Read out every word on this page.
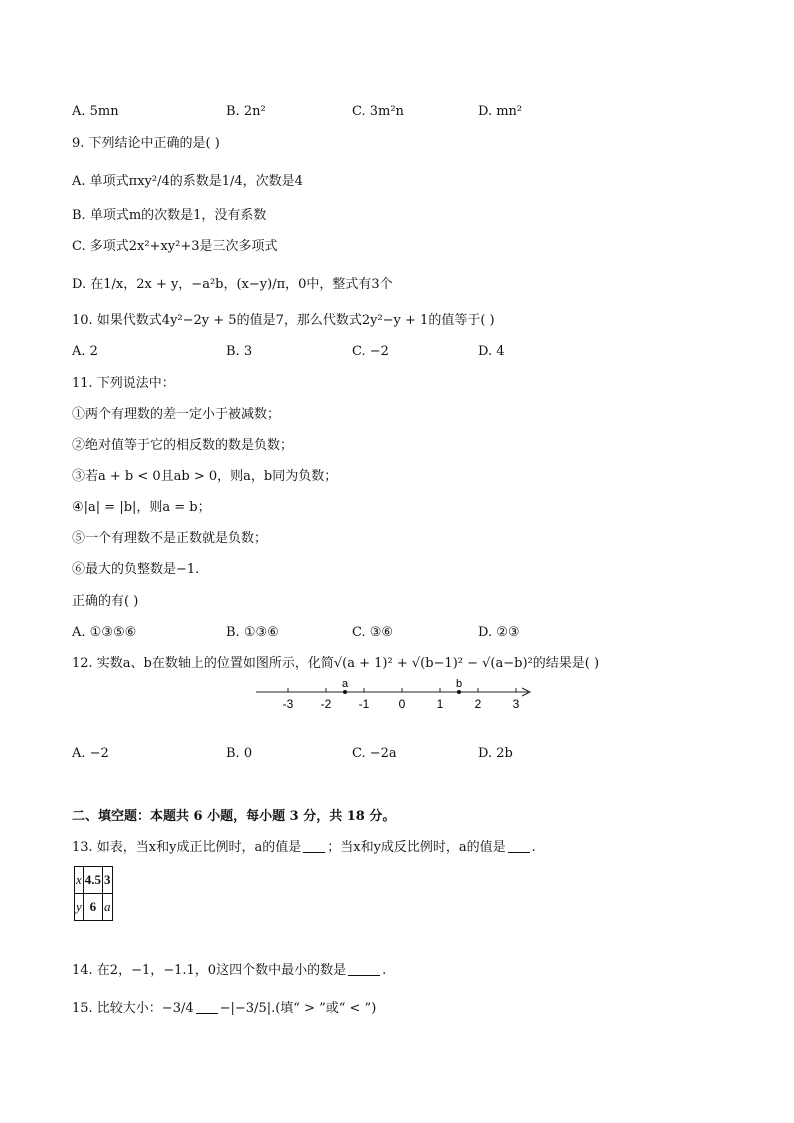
A. 5mn	B. 2n²	C. 3m²n	D. mn²
9. 下列结论中正确的是( )
A. 单项式πxy²/4的系数是1/4，次数是4
B. 单项式m的次数是1，没有系数
C. 多项式2x²+xy²+3是三次多项式
D. 在1/x，2x + y，−a²b，(x−y)/π，0中，整式有3个
10. 如果代数式4y²−2y + 5的值是7，那么代数式2y²−y + 1的值等于( )
A. 2	B. 3	C. −2	D. 4
11. 下列说法中：
①两个有理数的差一定小于被减数；
②绝对值等于它的相反数的数是负数；
③若a + b < 0且ab > 0，则a，b同为负数；
④|a| = |b|，则a = b；
⑤一个有理数不是正数就是负数；
⑥最大的负整数是−1.
正确的有( )
A. ①③⑤⑥	B. ①③⑥	C. ③⑥	D. ②③
12. 实数a、b在数轴上的位置如图所示，化简√(a + 1)² + √(b−1)² − √(a−b)²的结果是( )
-3 -2 -1 0	1	2	3
a	b
A. −2	B. 0	C. −2a	D. 2b
二、填空题：本题共 6 小题，每小题 3 分，共 18 分。
13. 如表，当x和y成正比例时，a的值是 ；当x和y成反比例时，a的值是 .
x	4.5	3
y	6	a
14. 在2，−1，−1.1，0这四个数中最小的数是	.
15. 比较大小：−3/4 −|−3/5|.(填“ > ”或“ < ”)
